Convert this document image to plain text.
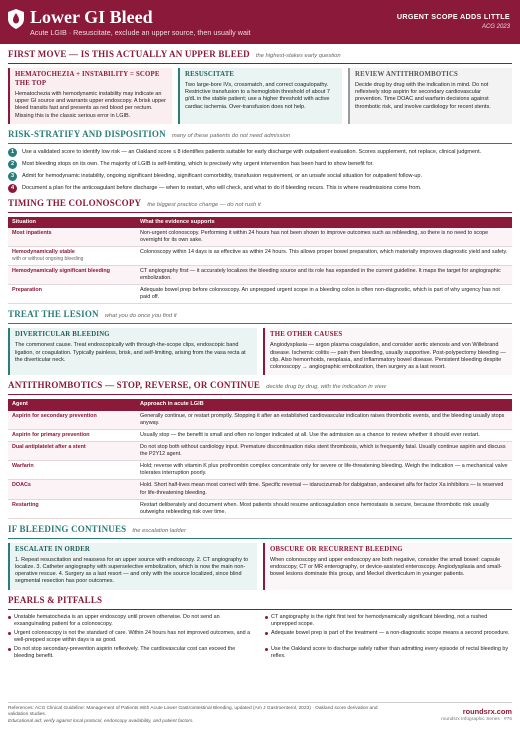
Lower GI Bleed
Acute LGIB · Resuscitate, exclude an upper source, then usually wait
URGENT SCOPE ADDS LITTLE
ACG 2023
FIRST MOVE — IS THIS ACTUALLY AN UPPER BLEED the highest-stakes early question
HEMATOCHEZIA + INSTABILITY = SCOPE THE TOP
Hematochezia with hemodynamic instability may indicate an upper GI source and warrants upper endoscopy. A brisk upper bleed transits fast and presents as red blood per rectum. Missing this is the classic serious error in LGIB.
RESUSCITATE
Two large-bore IVs, crossmatch, and correct coagulopathy. Restrictive transfusion to a hemoglobin threshold of about 7 g/dL in the stable patient; use a higher threshold with active cardiac ischemia. Over-transfusion does not help.
REVIEW ANTITHROMBOTICS
Decide drug by drug with the indication in mind. Do not reflexively stop aspirin for secondary cardiovascular prevention. Time DOAC and warfarin decisions against thrombotic risk, and involve cardiology for recent stents.
RISK-STRATIFY AND DISPOSITION many of these patients do not need admission
1	Use a validated score to identify low risk — an Oakland score ≤ 8 identifies patients suitable for early discharge with outpatient evaluation. Scores supplement, not replace, clinical judgment.
2	Most bleeding stops on its own. The majority of LGIB is self-limiting, which is precisely why urgent intervention has been hard to show benefit for.
3	Admit for hemodynamic instability, ongoing significant bleeding, significant comorbidity, transfusion requirement, or an unsafe social situation for outpatient follow-up.
4	Document a plan for the anticoagulant before discharge — when to restart, who will check, and what to do if bleeding recurs. This is where readmissions come from.
TIMING THE COLONOSCOPY the biggest practice change — do not rush it
Situation	What the evidence supports
Most inpatients	Non-urgent colonoscopy. Performing it within 24 hours has not been shown to improve outcomes such as rebleeding, so there is no need to scope overnight for its own sake.
Hemodynamically stable
with or without ongoing bleeding	Colonoscopy within 14 days is as effective as within 24 hours. This allows proper bowel preparation, which materially improves diagnostic yield and safety.
Hemodynamically significant bleeding	CT angiography first — it accurately localizes the bleeding source and its role has expanded in the current guideline. It maps the target for angiographic embolization.
Preparation	Adequate bowel prep before colonoscopy. An unprepped urgent scope in a bleeding colon is often non-diagnostic, which is part of why urgency has not paid off.
TREAT THE LESION what you do once you find it
DIVERTICULAR BLEEDING
The commonest cause. Treat endoscopically with through-the-scope clips, endoscopic band ligation, or coagulation. Typically painless, brisk, and self-limiting, arising from the vasa recta at the diverticular neck.
THE OTHER CAUSES
Angiodysplasia — argon plasma coagulation, and consider aortic stenosis and von Willebrand disease. Ischemic colitis — pain then bleeding, usually supportive. Post-polypectomy bleeding — clip. Also hemorrhoids, neoplasia, and inflammatory bowel disease. Persistent bleeding despite colonoscopy → angiographic embolization, then surgery as a last resort.
ANTITHROMBOTICS — STOP, REVERSE, OR CONTINUE decide drug by drug, with the indication in view
Agent	Approach in acute LGIB
Aspirin for secondary prevention	Generally continue, or restart promptly. Stopping it after an established cardiovascular indication raises thrombotic events, and the bleeding usually stops anyway.
Aspirin for primary prevention	Usually stop — the benefit is small and often no longer indicated at all. Use the admission as a chance to review whether it should ever restart.
Dual antiplatelet after a stent	Do not stop both without cardiology input. Premature discontinuation risks stent thrombosis, which is frequently fatal. Usually continue aspirin and discuss the P2Y12 agent.
Warfarin	Hold; reverse with vitamin K plus prothrombin complex concentrate only for severe or life-threatening bleeding. Weigh the indication — a mechanical valve tolerates interruption poorly.
DOACs	Hold. Short half-lives mean most correct with time. Specific reversal — idarucizumab for dabigatran, andexanet alfa for factor Xa inhibitors — is reserved for life-threatening bleeding.
Restarting	Restart deliberately and document when. Most patients should resume anticoagulation once hemostasis is secure, because thrombotic risk usually outweighs rebleeding risk over time.
IF BLEEDING CONTINUES the escalation ladder
ESCALATE IN ORDER
1. Repeat resuscitation and reassess for an upper source with endoscopy. 2. CT angiography to localize. 3. Catheter angiography with superselective embolization, which is now the main non-operative rescue. 4. Surgery as a last resort — and only with the source localized, since blind segmental resection has poor outcomes.
OBSCURE OR RECURRENT BLEEDING
When colonoscopy and upper endoscopy are both negative, consider the small bowel: capsule endoscopy, CT or MR enterography, or device-assisted enteroscopy. Angiodysplasia and small-bowel lesions dominate this group, and Meckel diverticulum in younger patients.
PEARLS & PITFALLS
Unstable hematochezia is an upper endoscopy until proven otherwise. Do not send an exsanguinating patient for a colonoscopy.
CT angiography is the right first test for hemodynamically significant bleeding, not a rushed unprepped scope.
Urgent colonoscopy is not the standard of care. Within 24 hours has not improved outcomes, and a well-prepped scope within days is as good.
Adequate bowel prep is part of the treatment — a non-diagnostic scope means a second procedure.
Do not stop secondary-prevention aspirin reflexively. The cardiovascular cost can exceed the bleeding benefit.
Use the Oakland score to discharge safely rather than admitting every episode of rectal bleeding by reflex.
References: ACG Clinical Guideline: Management of Patients With Acute Lower Gastrointestinal Bleeding, updated (Am J Gastroenterol, 2023) · Oakland score derivation and validation studies.
Educational aid; verify against local protocol, endoscopy availability, and patient factors.
roundsrx.com
roundsrx Infographic Series · #76
